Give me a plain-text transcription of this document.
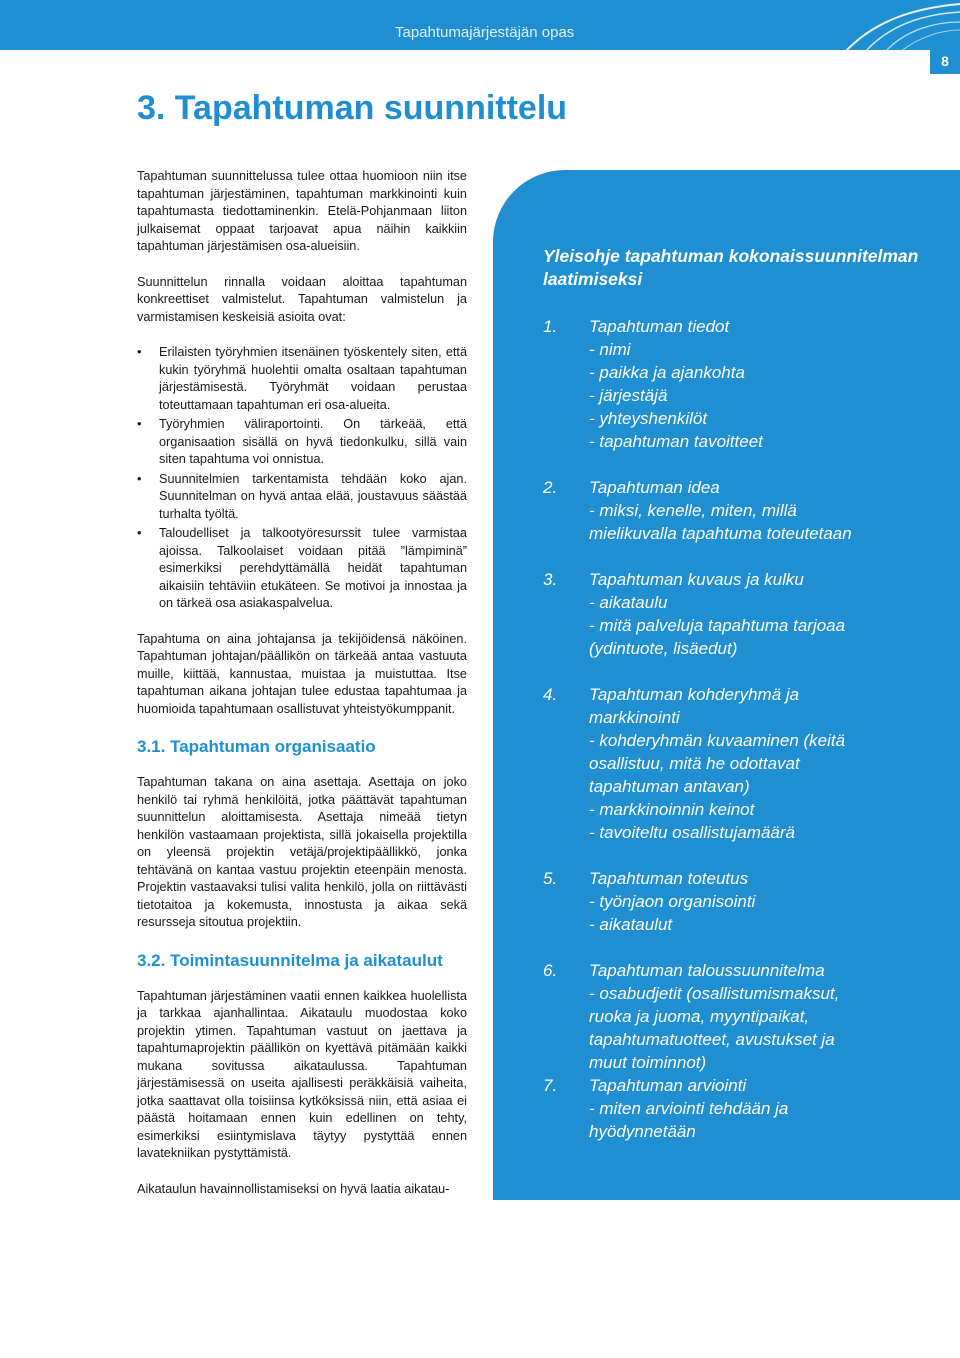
Tapahtumajärjestäjän opas
8
3. Tapahtuman suunnittelu

Tapahtuman suunnittelussa tulee ottaa huomioon niin itse tapahtuman järjestäminen, tapahtuman markkinointi kuin tapahtumasta tiedottaminenkin. Etelä-Pohjanmaan liiton julkaisemat oppaat tarjoavat apua näihin kaikkiin tapahtuman järjestämisen osa-alueisiin.

Suunnittelun rinnalla voidaan aloittaa tapahtuman konkreettiset valmistelut. Tapahtuman valmistelun ja varmistamisen keskeisiä asioita ovat:

• Erilaisten työryhmien itsenäinen työskentely siten, että kukin työryhmä huolehtii omalta osaltaan tapahtuman järjestämisestä. Työryhmät voidaan perustaa toteuttamaan tapahtuman eri osa-alueita.
• Työryhmien väliraportointi. On tärkeää, että organisaation sisällä on hyvä tiedonkulku, sillä vain siten tapahtuma voi onnistua.
• Suunnitelmien tarkentamista tehdään koko ajan. Suunnitelman on hyvä antaa elää, joustavuus säästää turhalta työltä.
• Taloudelliset ja talkootyöresurssit tulee varmistaa ajoissa. Talkoolaiset voidaan pitää ”lämpiminä” esimerkiksi perehdyttämällä heidät tapahtuman aikaisiin tehtäviin etukäteen. Se motivoi ja innostaa ja on tärkeä osa asiakaspalvelua.

Tapahtuma on aina johtajansa ja tekijöidensä näköinen. Tapahtuman johtajan/päällikön on tärkeää antaa vastuuta muille, kiittää, kannustaa, muistaa ja muistuttaa. Itse tapahtuman aikana johtajan tulee edustaa tapahtumaa ja huomioida tapahtumaan osallistuvat yhteistyökumppanit.

3.1. Tapahtuman organisaatio

Tapahtuman takana on aina asettaja. Asettaja on joko henkilö tai ryhmä henkilöitä, jotka päättävät tapahtuman suunnittelun aloittamisesta. Asettaja nimeää tietyn henkilön vastaamaan projektista, sillä jokaisella projektilla on yleensä projektin vetäjä/projektipäällikkö, jonka tehtävänä on kantaa vastuu projektin eteenpäin menosta. Projektin vastaavaksi tulisi valita henkilö, jolla on riittävästi tietotaitoa ja kokemusta, innostusta ja aikaa sekä resursseja sitoutua projektiin.

3.2. Toimintasuunnitelma ja aikataulut

Tapahtuman järjestäminen vaatii ennen kaikkea huolellista ja tarkkaa ajanhallintaa. Aikataulu muodostaa koko projektin ytimen. Tapahtuman vastuut on jaettava ja tapahtumaprojektin päällikön on kyettävä pitämään kaikki mukana sovitussa aikataulussa. Tapahtuman järjestämisessä on useita ajallisesti peräkkäisiä vaiheita, jotka saattavat olla toisiinsa kytköksissä niin, että asiaa ei päästä hoitamaan ennen kuin edellinen on tehty, esimerkiksi esiintymislava täytyy pystyttää ennen lavatekniikan pystyttämistä.

Aikataulun havainnollistamiseksi on hyvä laatia aikatau-

Yleisohje tapahtuman kokonaissuunnitelman laatimiseksi
1. Tapahtuman tiedot
- nimi
- paikka ja ajankohta
- järjestäjä
- yhteyshenkilöt
- tapahtuman tavoitteet
2. Tapahtuman idea
- miksi, kenelle, miten, millä
mielikuvalla tapahtuma toteutetaan
3. Tapahtuman kuvaus ja kulku
- aikataulu
- mitä palveluja tapahtuma tarjoaa
(ydintuote, lisäedut)
4. Tapahtuman kohderyhmä ja
markkinointi
- kohderyhmän kuvaaminen (keitä
osallistuu, mitä he odottavat
tapahtuman antavan)
- markkinoinnin keinot
- tavoiteltu osallistujamäärä
5. Tapahtuman toteutus
- työnjaon organisointi
- aikataulut
6. Tapahtuman taloussuunnitelma
- osabudjetit (osallistumismaksut,
ruoka ja juoma, myyntipaikat,
tapahtumatuotteet, avustukset ja
muut toiminnot)
7. Tapahtuman arviointi
- miten arviointi tehdään ja
hyödynnetään
